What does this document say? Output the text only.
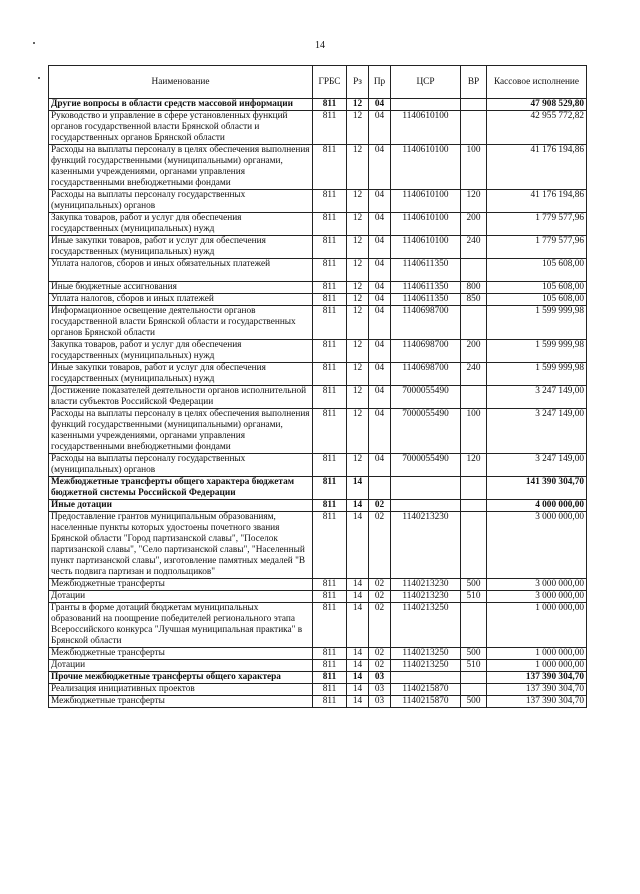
14
Наименование	ГРБС	Рз	Пр	ЦСР	ВР	Кассовое исполнение
Другие вопросы в области средств массовой информации	811	12	04			47 908 529,80
Руководство и управление в сфере установленных функций органов государственной власти Брянской области и государственных органов Брянской области	811	12	04	1140610100		42 955 772,82
Расходы на выплаты персоналу в целях обеспечения выполнения функций государственными (муниципальными) органами, казенными учреждениями, органами управления государственными внебюджетными фондами	811	12	04	1140610100	100	41 176 194,86
Расходы на выплаты персоналу государственных (муниципальных) органов	811	12	04	1140610100	120	41 176 194,86
Закупка товаров, работ и услуг для обеспечения государственных (муниципальных) нужд	811	12	04	1140610100	200	1 779 577,96
Иные закупки товаров, работ и услуг для обеспечения государственных (муниципальных) нужд	811	12	04	1140610100	240	1 779 577,96
Уплата налогов, сборов и иных обязательных платежей	811	12	04	1140611350		105 608,00
Иные бюджетные ассигнования	811	12	04	1140611350	800	105 608,00
Уплата налогов, сборов и иных платежей	811	12	04	1140611350	850	105 608,00
Информационное освещение деятельности органов государственной власти Брянской области и государственных органов Брянской области	811	12	04	1140698700		1 599 999,98
Закупка товаров, работ и услуг для обеспечения государственных (муниципальных) нужд	811	12	04	1140698700	200	1 599 999,98
Иные закупки товаров, работ и услуг для обеспечения государственных (муниципальных) нужд	811	12	04	1140698700	240	1 599 999,98
Достижение показателей деятельности органов исполнительной власти субъектов Российской Федерации	811	12	04	7000055490		3 247 149,00
Расходы на выплаты персоналу в целях обеспечения выполнения функций государственными (муниципальными) органами, казенными учреждениями, органами управления государственными внебюджетными фондами	811	12	04	7000055490	100	3 247 149,00
Расходы на выплаты персоналу государственных (муниципальных) органов	811	12	04	7000055490	120	3 247 149,00
Межбюджетные трансферты общего характера бюджетам бюджетной системы Российской Федерации	811	14				141 390 304,70
Иные дотации	811	14	02			4 000 000,00
Предоставление грантов муниципальным образованиям, населенные пункты которых удостоены почетного звания Брянской области "Город партизанской славы", "Поселок партизанской славы", "Село партизанской славы", "Населенный пункт партизанской славы", изготовление памятных медалей "В честь подвига партизан и подпольщиков"	811	14	02	1140213230		3 000 000,00
Межбюджетные трансферты	811	14	02	1140213230	500	3 000 000,00
Дотации	811	14	02	1140213230	510	3 000 000,00
Гранты в форме дотаций бюджетам муниципальных образований на поощрение победителей регионального этапа Всероссийского конкурса "Лучшая муниципальная практика" в Брянской области	811	14	02	1140213250		1 000 000,00
Межбюджетные трансферты	811	14	02	1140213250	500	1 000 000,00
Дотации	811	14	02	1140213250	510	1 000 000,00
Прочие межбюджетные трансферты общего характера	811	14	03			137 390 304,70
Реализация инициативных проектов	811	14	03	1140215870		137 390 304,70
Межбюджетные трансферты	811	14	03	1140215870	500	137 390 304,70
